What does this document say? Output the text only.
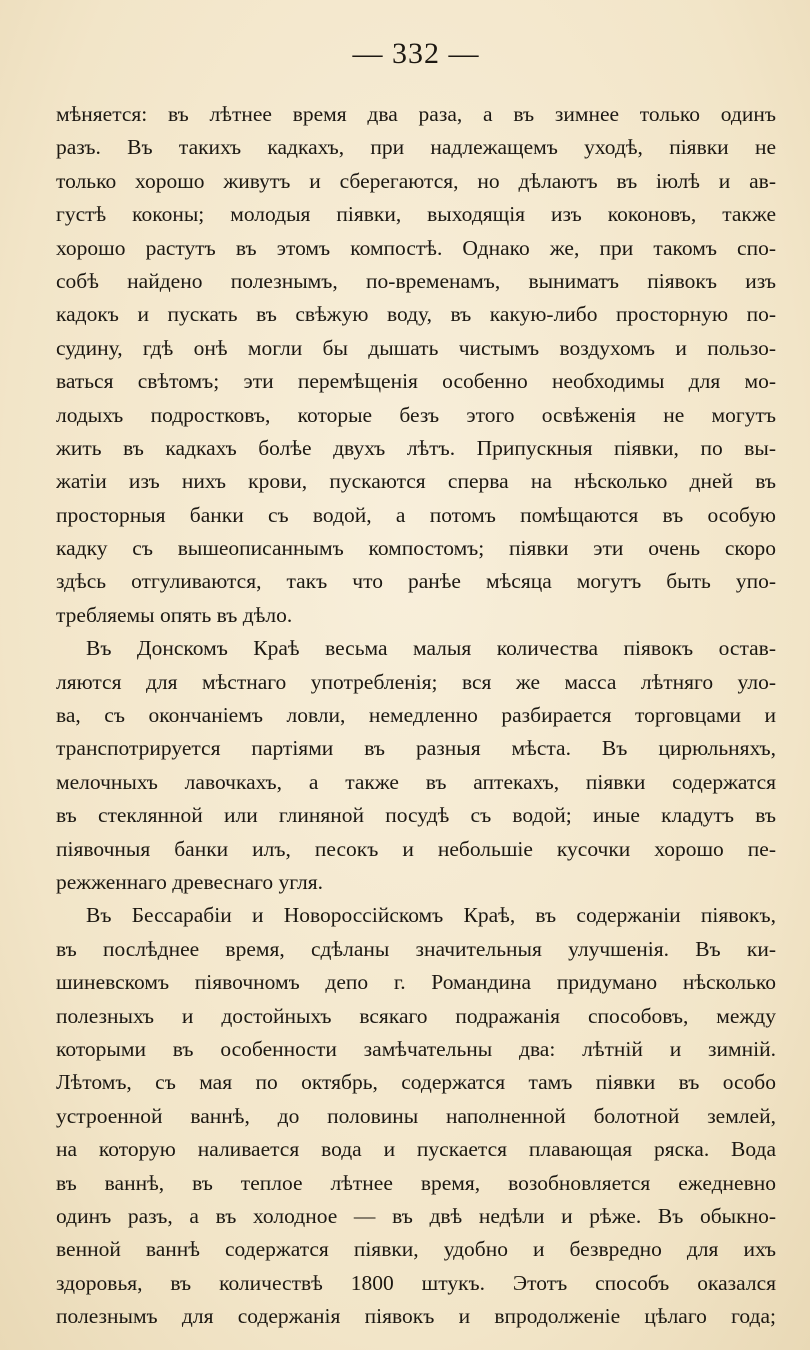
— 332 —
мѣняется: въ лѣтнее время два раза, а въ зимнее только одинъ
разъ. Въ такихъ кадкахъ, при надлежащемъ уходѣ, піявки не
только хорошо живутъ и сберегаются, но дѣлаютъ въ іюлѣ и ав-
густѣ коконы; молодыя піявки, выходящія изъ коконовъ, также
хорошо растутъ въ этомъ компостѣ. Однако же, при такомъ спо-
собѣ найдено полезнымъ, по-временамъ, выниматъ піявокъ изъ
кадокъ и пускать въ свѣжую воду, въ какую-либо просторную по-
судину, гдѣ онѣ могли бы дышать чистымъ воздухомъ и пользо-
ваться свѣтомъ; эти перемѣщенія особенно необходимы для мо-
лодыхъ подростковъ, которые безъ этого освѣженія не могутъ
жить въ кадкахъ болѣе двухъ лѣтъ. Припускныя піявки, по вы-
жатіи изъ нихъ крови, пускаются сперва на нѣсколько дней въ
просторныя банки съ водой, а потомъ помѣщаются въ особую
кадку съ вышеописаннымъ компостомъ; піявки эти очень скоро
здѣсь отгуливаются, такъ что ранѣе мѣсяца могутъ быть упо-
требляемы опять въ дѣло.
Въ Донскомъ Краѣ весьма малыя количества піявокъ остав-
ляются для мѣстнаго употребленія; вся же масса лѣтняго уло-
ва, съ окончаніемъ ловли, немедленно разбирается торговцами и
транспотрируется партіями въ разныя мѣста. Въ цирюльняхъ,
мелочныхъ лавочкахъ, а также въ аптекахъ, піявки содержатся
въ стеклянной или глиняной посудѣ съ водой; иные кладутъ въ
піявочныя банки илъ, песокъ и небольшіе кусочки хорошо пе-
режженнаго древеснаго угля.
Въ Бессарабіи и Новороссійскомъ Краѣ, въ содержаніи піявокъ,
въ послѣднее время, сдѣланы значительныя улучшенія. Въ ки-
шиневскомъ піявочномъ депо г. Романдина придумано нѣсколько
полезныхъ и достойныхъ всякаго подражанія способовъ, между
которыми въ особенности замѣчательны два: лѣтній и зимній.
Лѣтомъ, съ мая по октябрь, содержатся тамъ піявки въ особо
устроенной ваннѣ, до половины наполненной болотной землей,
на которую наливается вода и пускается плавающая ряска. Вода
въ ваннѣ, въ теплое лѣтнее время, возобновляется ежедневно
одинъ разъ, а въ холодное — въ двѣ недѣли и рѣже. Въ обыкно-
венной ваннѣ содержатся піявки, удобно и безвредно для ихъ
здоровья, въ количествѣ 1800 штукъ. Этотъ способъ оказался
полезнымъ для содержанія піявокъ и впродолженіе цѣлаго года;
